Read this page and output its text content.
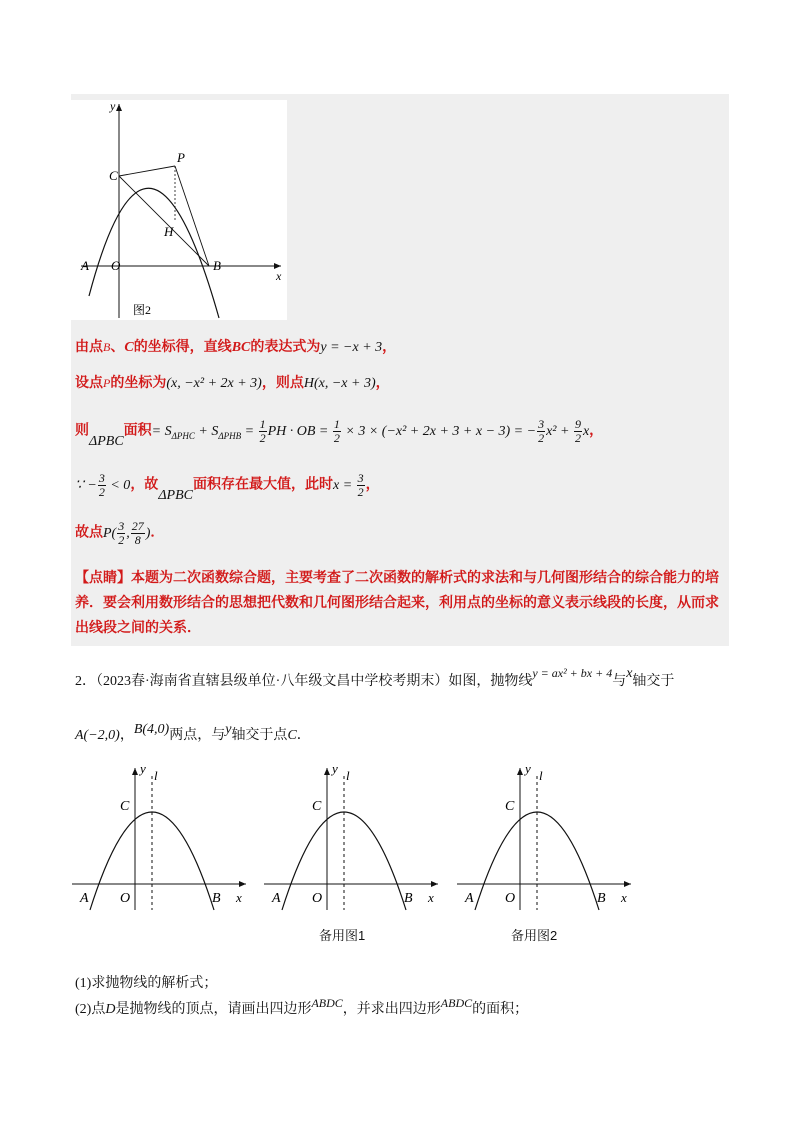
y
x
C
P
H
A O	B
图2
由点B、C的坐标得，直线BC的表达式为y = −x + 3，
设点P的坐标为(x, −x² + 2x + 3)，则点H(x, −x + 3)，
则ΔPBC面积= $S_{\Delta PHC} + S_{\Delta PHB} = \frac{1}{2}$ PH · OB = $\frac{1}{2} \times 3 \times (-x^2 + 2x + 3 + x - 3)$ = − $\frac{3}{2} x^2 + \frac{9}{2}$ x，
∵ − $\frac{3}{2} < 0$，故ΔPBC面积存在最大值，此时$x = \frac{3}{2}$ ，
故点$P( \frac{3}{2}$ , $\frac{27}{8}$ )．
【点睛】本题为二次函数综合题，主要考查了二次函数的解析式的求法和与几何图形结合的综合能力的培养．要会利用数形结合的思想把代数和几何图形结合起来，利用点的坐标的意义表示线段的长度，从而求出线段之间的关系．
2．（2023春·海南省直辖县级单位·八年级文昌中学校考期末）如图，抛物线y = ax² + bx + 4与x轴交于
A(−2,0)，B(4,0)两点，与y轴交于点C．
y l
C
A O	B x
y l
C
A O	B x
y l
C
A O	B x
备用图1	备用图2
(1)求抛物线的解析式；
(2)点D是抛物线的顶点，请画出四边形ABDC，并求出四边形ABDC的面积；
